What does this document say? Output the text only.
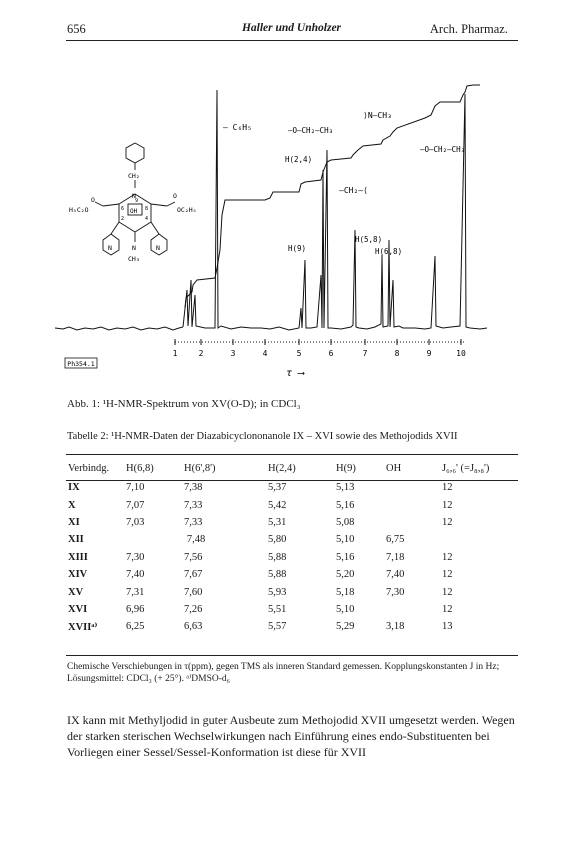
656	Haller und Unholzer	Arch. Pharmaz.
– C₆H₅	–O–CH₂–CH₃
⟩N–CH₃
–O–CH₂–CH₃
–CH₂–⟨
H(2,4)
H(9)
H(5,8)
H(6,8)
1	2	3	4	5	6	7	8	9	10
τ ⟶
Ph354.1
CH₂
N
OH
N
CH₃
H₅C₂O	OC₂H₅
O	O
9
2	4
6	8
N	N
Abb. 1: ¹H-NMR-Spektrum von XV(O-D); in CDCl₃
Tabelle 2: ¹H-NMR-Daten der Diazabicyclononanole IX – XVI sowie des Methojodids XVII
Verbindg.	H(6,8)	H(6',8')	H(2,4)	H(9)	OH	J₆,₆' (=J₈,₈')
IX	7,10	7,38	5,37	5,13		12
X	7,07	7,33	5,42	5,16		12
XI	7,03	7,33	5,31	5,08		12
XII	7,48		5,80	5,10	6,75	
XIII	7,30	7,56	5,88	5,16	7,18	12
XIV	7,40	7,67	5,88	5,20	7,40	12
XV	7,31	7,60	5,93	5,18	7,30	12
XVI	6,96	7,26	5,51	5,10		12
XVIIᵃ⁾	6,25	6,63	5,57	5,29	3,18	13
Chemische Verschiebungen in τ(ppm), gegen TMS als inneren Standard gemessen. Kopplungskonstanten J in Hz; Lösungsmittel: CDCl₃ (+ 25°). ᵃ⁾DMSO-d₆
IX kann mit Methyljodid in guter Ausbeute zum Methojodid XVII umgesetzt werden. Wegen der starken sterischen Wechselwirkungen nach Einführung eines endo-Substituenten bei Vorliegen einer Sessel/Sessel-Konformation ist diese für XVII
